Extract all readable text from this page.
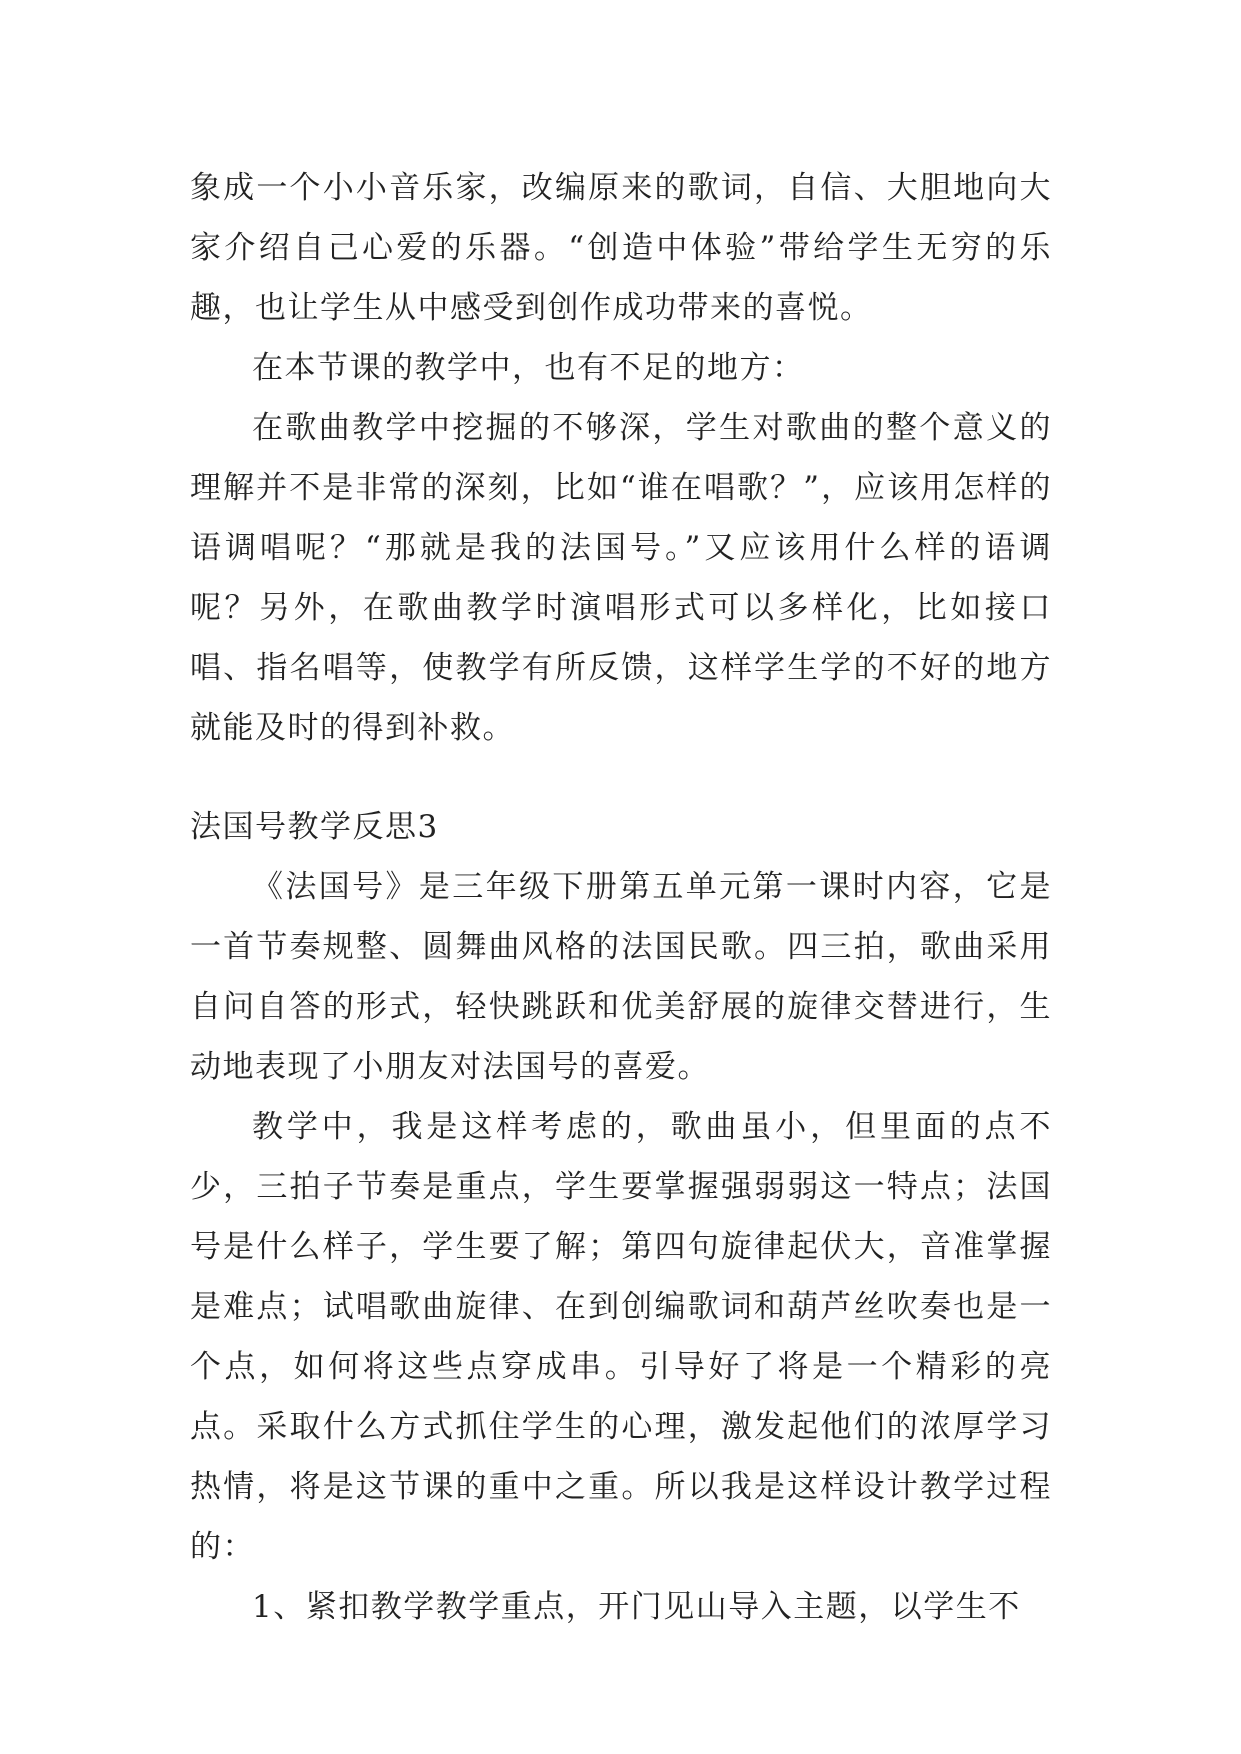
象成一个小小音乐家，改编原来的歌词，自信、大胆地向大家介绍自己心爱的乐器。“创造中体验”带给学生无穷的乐趣，也让学生从中感受到创作成功带来的喜悦。

在本节课的教学中，也有不足的地方：

在歌曲教学中挖掘的不够深，学生对歌曲的整个意义的理解并不是非常的深刻，比如“谁在唱歌？”，应该用怎样的语调唱呢？“那就是我的法国号。”又应该用什么样的语调呢？另外，在歌曲教学时演唱形式可以多样化，比如接口唱、指名唱等，使教学有所反馈，这样学生学的不好的地方就能及时的得到补救。

法国号教学反思3

《法国号》是三年级下册第五单元第一课时内容，它是一首节奏规整、圆舞曲风格的法国民歌。四三拍，歌曲采用自问自答的形式，轻快跳跃和优美舒展的旋律交替进行，生动地表现了小朋友对法国号的喜爱。

教学中，我是这样考虑的，歌曲虽小，但里面的点不少，三拍子节奏是重点，学生要掌握强弱弱这一特点；法国号是什么样子，学生要了解；第四句旋律起伏大，音准掌握是难点；试唱歌曲旋律、在到创编歌词和葫芦丝吹奏也是一个点，如何将这些点穿成串。引导好了将是一个精彩的亮点。采取什么方式抓住学生的心理，激发起他们的浓厚学习热情，将是这节课的重中之重。所以我是这样设计教学过程的：

1、紧扣教学教学重点，开门见山导入主题，以学生不
